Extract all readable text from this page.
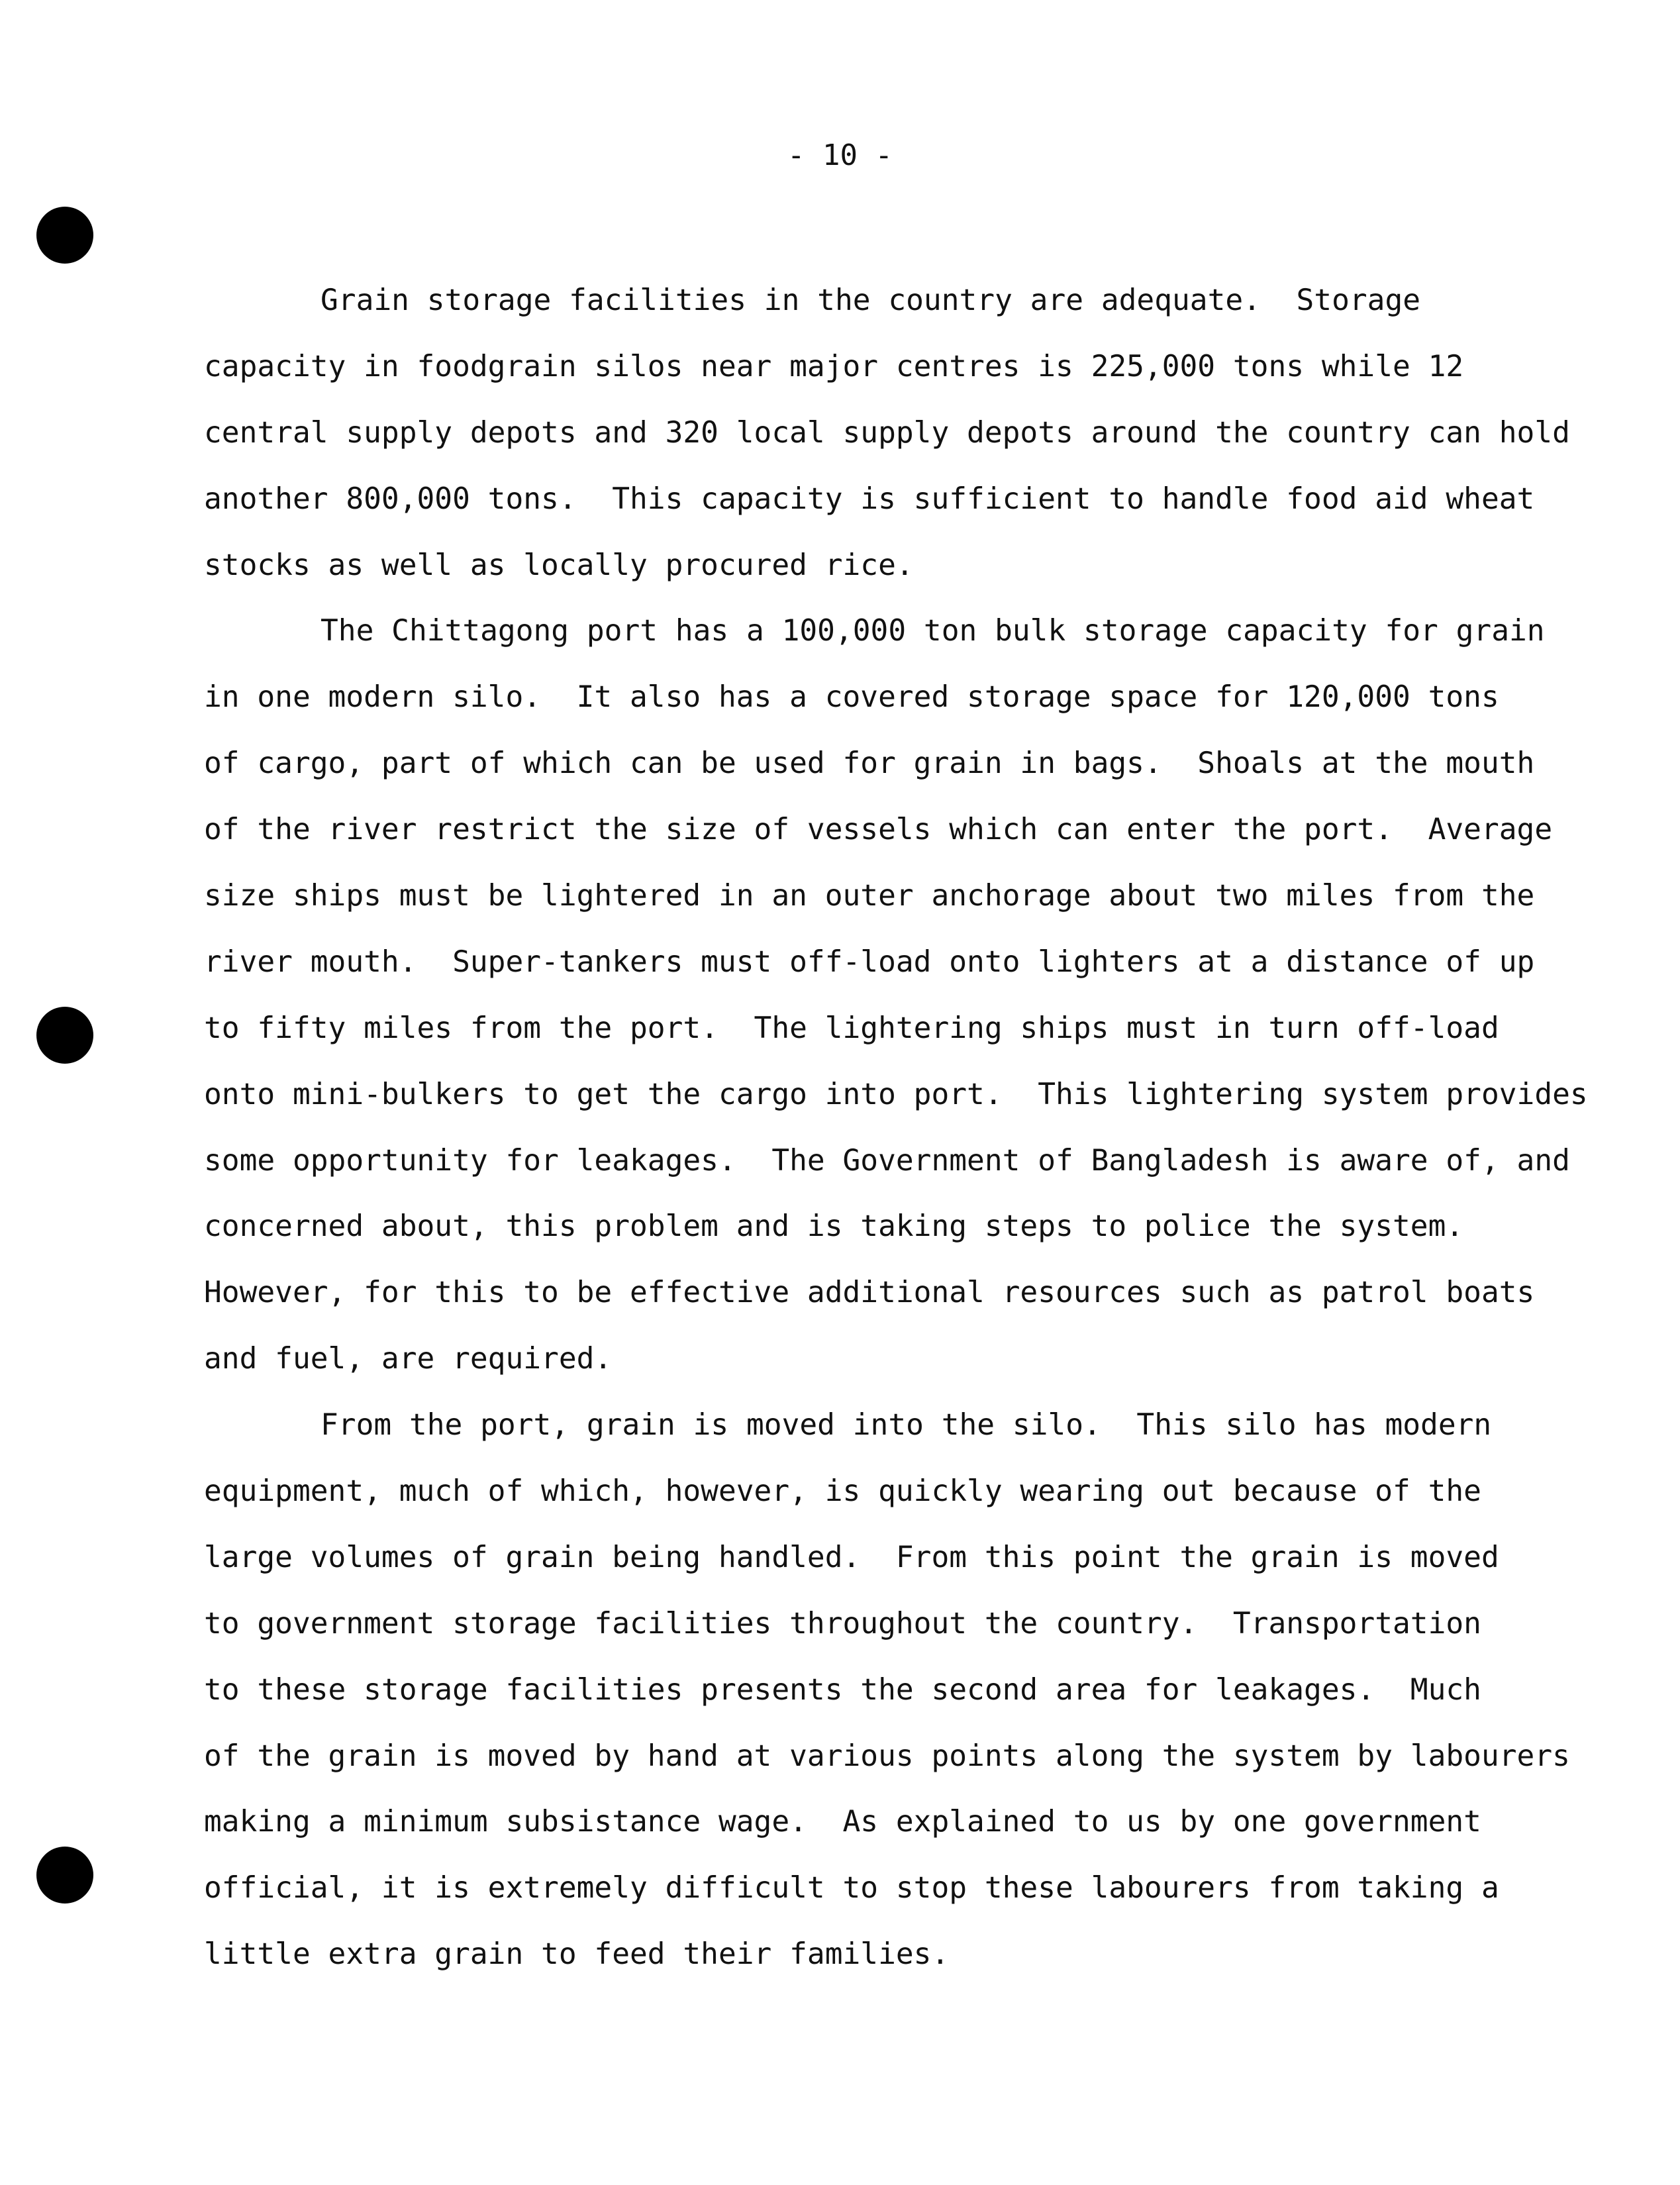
- 10 -
Grain storage facilities in the country are adequate.  Storage
capacity in foodgrain silos near major centres is 225,000 tons while 12
central supply depots and 320 local supply depots around the country can hold
another 800,000 tons.  This capacity is sufficient to handle food aid wheat
stocks as well as locally procured rice.
The Chittagong port has a 100,000 ton bulk storage capacity for grain
in one modern silo.  It also has a covered storage space for 120,000 tons
of cargo, part of which can be used for grain in bags.  Shoals at the mouth
of the river restrict the size of vessels which can enter the port.  Average
size ships must be lightered in an outer anchorage about two miles from the
river mouth.  Super-tankers must off-load onto lighters at a distance of up
to fifty miles from the port.  The lightering ships must in turn off-load
onto mini-bulkers to get the cargo into port.  This lightering system provides
some opportunity for leakages.  The Government of Bangladesh is aware of, and
concerned about, this problem and is taking steps to police the system.
However, for this to be effective additional resources such as patrol boats
and fuel, are required.
From the port, grain is moved into the silo.  This silo has modern
equipment, much of which, however, is quickly wearing out because of the
large volumes of grain being handled.  From this point the grain is moved
to government storage facilities throughout the country.  Transportation
to these storage facilities presents the second area for leakages.  Much
of the grain is moved by hand at various points along the system by labourers
making a minimum subsistance wage.  As explained to us by one government
official, it is extremely difficult to stop these labourers from taking a
little extra grain to feed their families.
